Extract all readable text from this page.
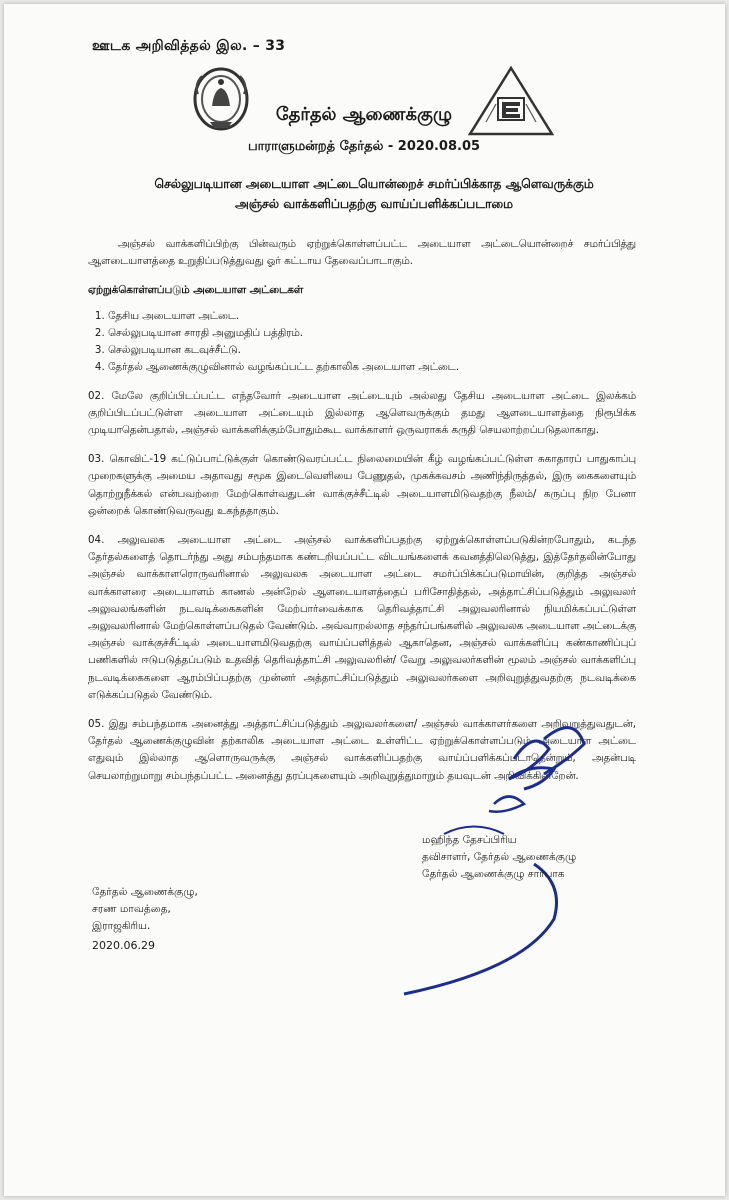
ஊடக அறிவித்தல் இல. – 33
தேர்தல் ஆணைக்குழு
பாராளுமன்றத் தேர்தல் - 2020.08.05
செல்லுபடியான அடையாள அட்டையொன்றைச் சமர்ப்பிக்காத ஆளெவருக்கும்
அஞ்சல் வாக்களிப்பதற்கு வாய்ப்பளிக்கப்படாமை

அஞ்சல் வாக்களிப்பிற்கு பின்வரும் ஏற்றுக்கொள்ளப்பட்ட அடையாள அட்டையொன்றைச் சமர்ப்பித்து ஆளடையாளத்தை உறுதிப்படுத்துவது ஓர் கட்டாய தேவைப்பாடாகும்.

ஏற்றுக்கொள்ளப்படும் அடையாள அட்டைகள்
1. தேசிய அடையாள அட்டை.
2. செல்லுபடியான சாரதி அனுமதிப் பத்திரம்.
3. செல்லுபடியான கடவுச்சீட்டு.
4. தேர்தல் ஆணைக்குழுவினால் வழங்கப்பட்ட தற்காலிக அடையாள அட்டை.

02. மேலே குறிப்பிடப்பட்ட எந்தவோர் அடையாள அட்டையும் அல்லது தேசிய அடையாள அட்டை இலக்கம் குறிப்பிடப்பட்டுள்ள அடையாள அட்டையும் இல்லாத ஆளெவருக்கும் தமது ஆளடையாளத்தை நிரூபிக்க முடியாதென்பதால், அஞ்சல் வாக்களிக்கும்போதும்கூட வாக்காளர் ஒருவராகக் கருதி செயலாற்றப்படுதலாகாது.

03. கொவிட்-19 கட்டுப்பாட்டுக்குள் கொண்டுவரப்பட்ட நிலைமையின் கீழ் வழங்கப்பட்டுள்ள சுகாதாரப் பாதுகாப்பு முறைகளுக்கு அமைய அதாவது சமூக இடைவெளியை பேணுதல், முகக்கவசம் அணிந்திருத்தல், இரு கைகளையும் தொற்றுநீக்கல் என்பவற்றை மேற்கொள்வதுடன் வாக்குச்சீட்டில் அடையாளமிடுவதற்கு நீலம்/ கருப்பு நிற பேனா ஒன்றைக் கொண்டுவருவது உகந்ததாகும்.

04. அலுவலக அடையாள அட்டை அஞ்சல் வாக்களிப்பதற்கு ஏற்றுக்கொள்ளப்படுகின்றபோதும், கடந்த தேர்தல்களைத் தொடர்ந்து அது சம்பந்தமாக கண்டறியப்பட்ட விடயங்களைக் கவனத்திலெடுத்து, இத்தேர்தலின்போது அஞ்சல் வாக்காளரொருவரினால் அலுவலக அடையாள அட்டை சமர்ப்பிக்கப்படுமாயின், குறித்த அஞ்சல் வாக்காளரை அடையாளம் காணல் அன்றேல் ஆளடையாளத்தைப் பரிசோதித்தல், அத்தாட்சிப்படுத்தும் அலுவலர் அலுவலங்களின் நடவடிக்கைகளின் மேற்பார்வைக்காக தெரிவத்தாட்சி அலுவலரினால் நியமிக்கப்பட்டுள்ள அலுவலரினால் மேற்கொள்ளப்படுதல் வேண்டும். அவ்வாறல்லாத சந்தர்ப்பங்களில் அலுவலக அடையாள அட்டைக்கு அஞ்சல் வாக்குச்சீட்டில் அடையாளமிடுவதற்கு வாய்ப்பளித்தல் ஆகாதென, அஞ்சல் வாக்களிப்பு கண்காணிப்புப் பணிகளில் ஈடுபடுத்தப்படும் உதவித் தெரிவத்தாட்சி அலுவலரின்/ வேறு அலுவலர்களின் மூலம் அஞ்சல் வாக்களிப்பு நடவடிக்கைகளை ஆரம்பிப்பதற்கு முன்னர் அத்தாட்சிப்படுத்தும் அலுவலர்களை அறிவுறுத்துவதற்கு நடவடிக்கை எடுக்கப்படுதல் வேண்டும்.

05. இது சம்பந்தமாக அனைத்து அத்தாட்சிப்படுத்தும் அலுவலர்களை/ அஞ்சல் வாக்காளர்களை அறிவுறுத்துவதுடன், தேர்தல் ஆணைக்குழுவின் தற்காலிக அடையாள அட்டை உள்ளிட்ட ஏற்றுக்கொள்ளப்படும் அடையாள அட்டை எதுவும் இல்லாத ஆளொருவருக்கு அஞ்சல் வாக்களிப்பதற்கு வாய்ப்பளிக்கப்படாதென்றும், அதன்படி செயலாற்றுமாறு சம்பந்தப்பட்ட அனைத்து தரப்புகளையும் அறிவுறுத்துமாறும் தயவுடன் அறிவிக்கின்றேன்.

மஹிந்த தேசப்பிரிய
தவிசாளர், தேர்தல் ஆணைக்குழு
தேர்தல் ஆணைக்குழு சார்பாக
தேர்தல் ஆணைக்குழு,
சரண மாவத்தை,
இராஜகிரிய.
2020.06.29
